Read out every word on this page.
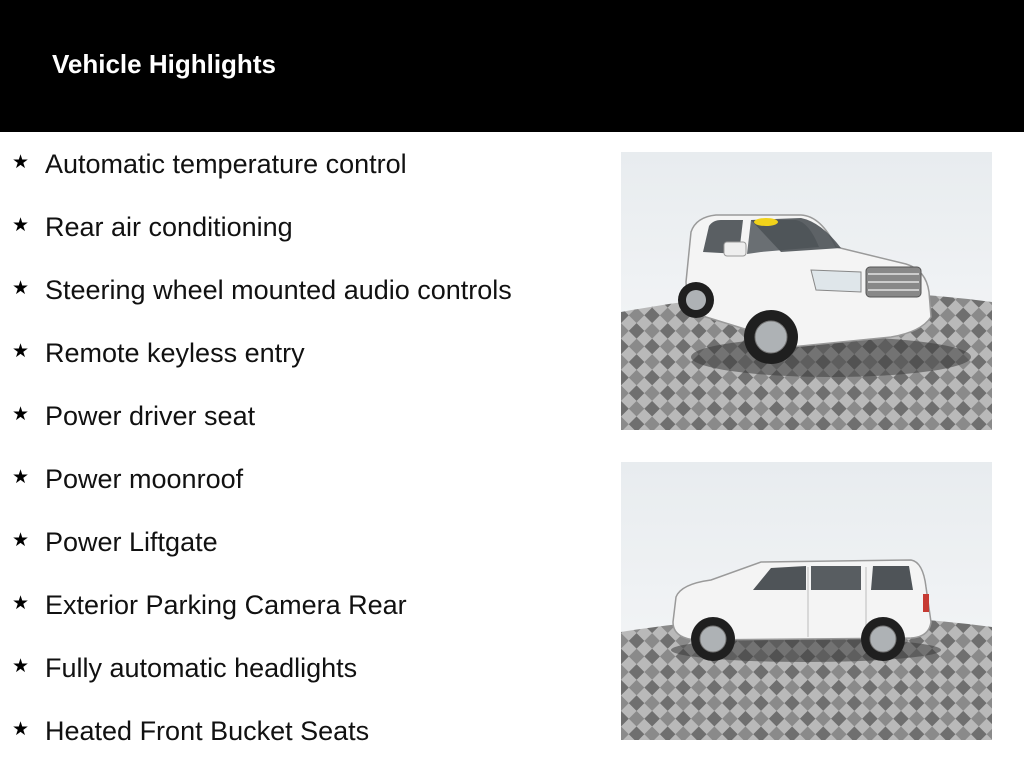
Vehicle Highlights
★ Automatic temperature control
★ Rear air conditioning
★ Steering wheel mounted audio controls
★ Remote keyless entry
★ Power driver seat
★ Power moonroof
★ Power Liftgate
★ Exterior Parking Camera Rear
★ Fully automatic headlights
★ Heated Front Bucket Seats
